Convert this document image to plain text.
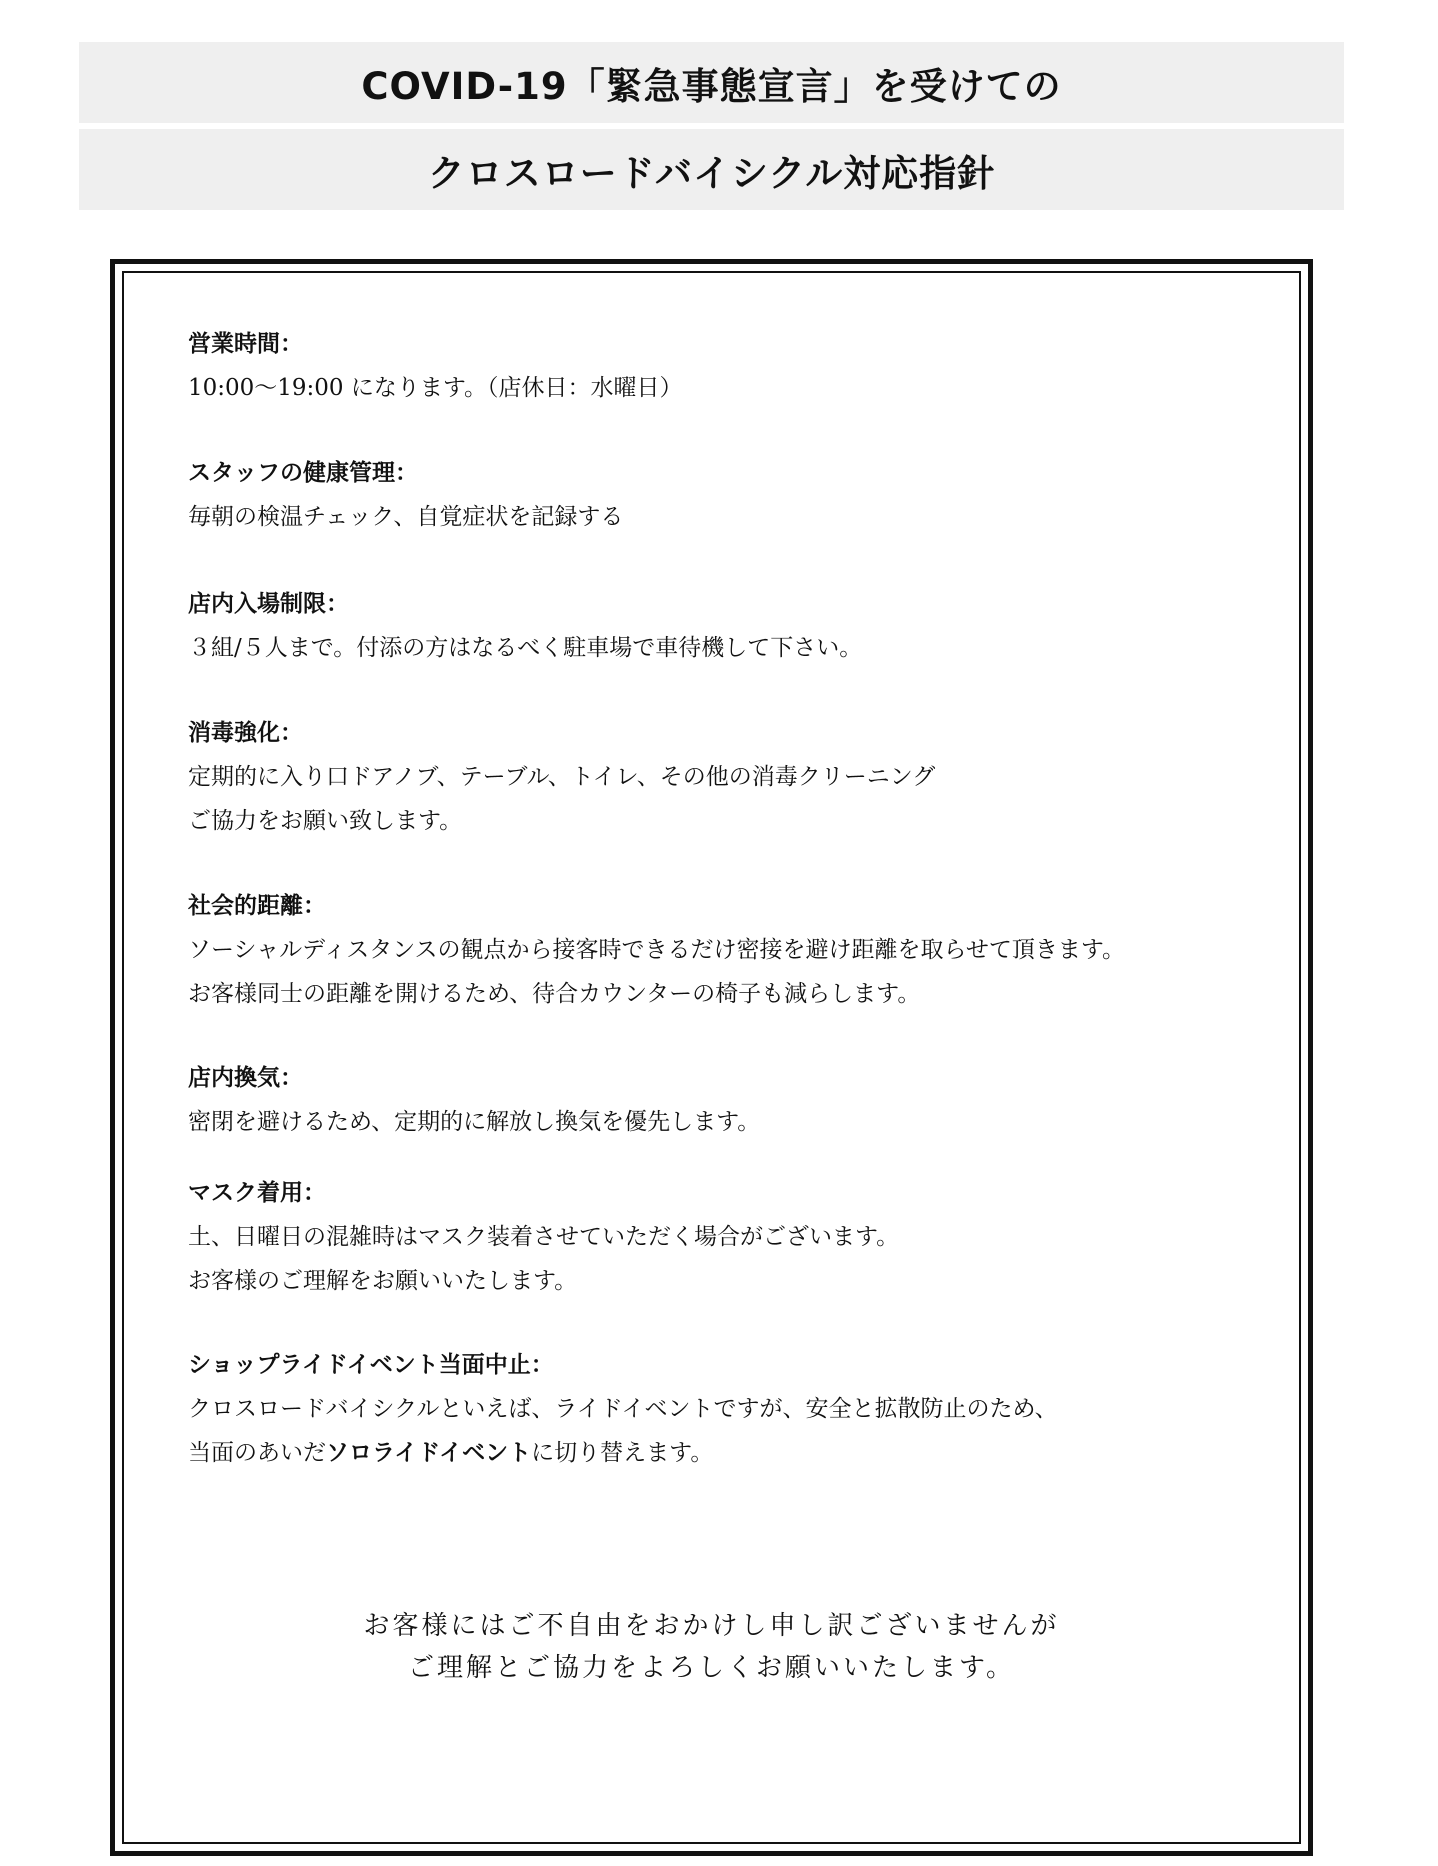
COVID-19「緊急事態宣言」を受けての
クロスロードバイシクル対応指針
営業時間：
10:00～19:00 になります。（店休日：水曜日）
スタッフの健康管理：
毎朝の検温チェック、自覚症状を記録する
店内入場制限：
３組/５人まで。付添の方はなるべく駐車場で車待機して下さい。
消毒強化：
定期的に入り口ドアノブ、テーブル、トイレ、その他の消毒クリーニング
ご協力をお願い致します。
社会的距離：
ソーシャルディスタンスの観点から接客時できるだけ密接を避け距離を取らせて頂きます。
お客様同士の距離を開けるため、待合カウンターの椅子も減らします。
店内換気：
密閉を避けるため、定期的に解放し換気を優先します。
マスク着用：
土、日曜日の混雑時はマスク装着させていただく場合がございます。
お客様のご理解をお願いいたします。
ショップライドイベント当面中止：
クロスロードバイシクルといえば、ライドイベントですが、安全と拡散防止のため、
当面のあいだソロライドイベントに切り替えます。
お客様にはご不自由をおかけし申し訳ございませんが
ご理解とご協力をよろしくお願いいたします。
